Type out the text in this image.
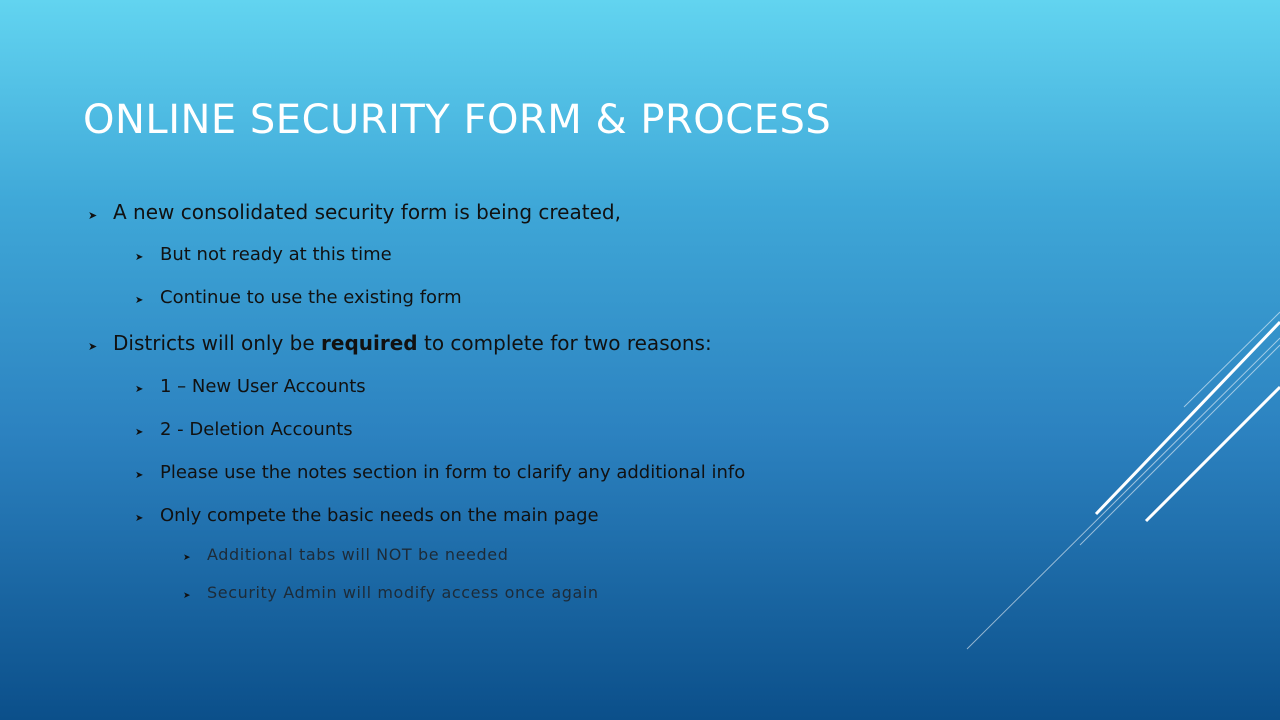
ONLINE SECURITY FORM & PROCESS
➤ A new consolidated security form is being created,
➤ But not ready at this time
➤ Continue to use the existing form
➤ Districts will only be required to complete for two reasons:
➤ 1 – New User Accounts
➤ 2 - Deletion Accounts
➤ Please use the notes section in form to clarify any additional info
➤ Only compete the basic needs on the main page
➤ Additional tabs will NOT be needed
➤ Security Admin will modify access once again
